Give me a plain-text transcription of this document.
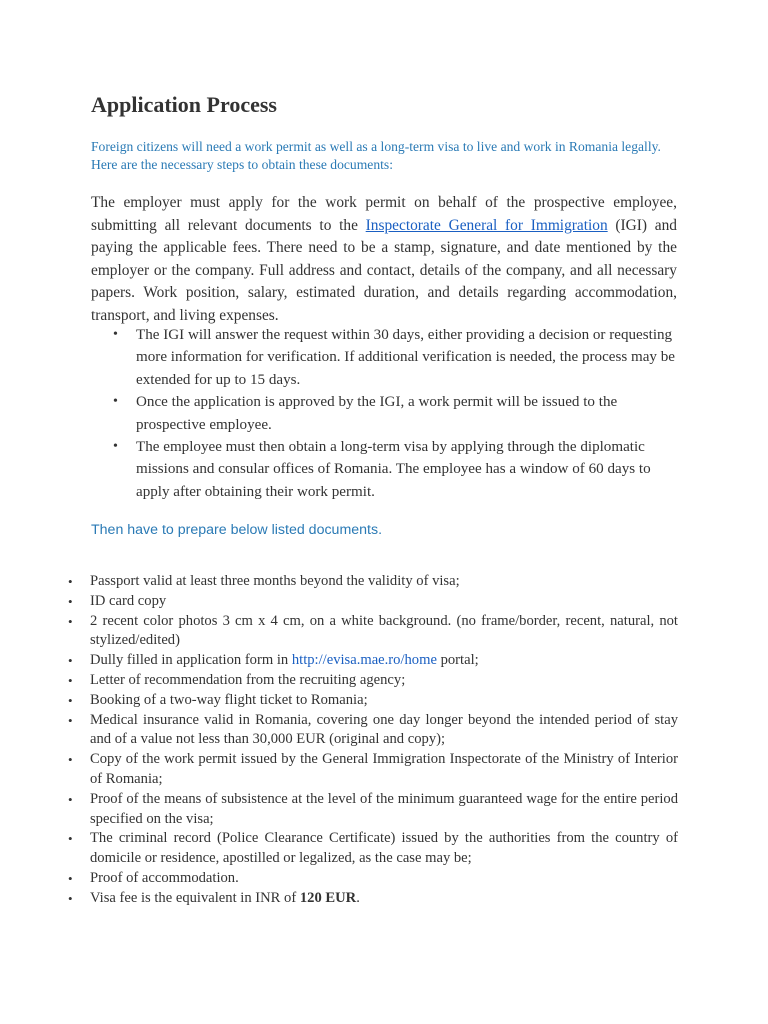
Application Process

Foreign citizens will need a work permit as well as a long-term visa to live and work in Romania legally. Here are the necessary steps to obtain these documents:

The employer must apply for the work permit on behalf of the prospective employee, submitting all relevant documents to the Inspectorate General for Immigration (IGI) and paying the applicable fees. There need to be a stamp, signature, and date mentioned by the employer or the company. Full address and contact, details of the company, and all necessary papers. Work position, salary, estimated duration, and details regarding accommodation, transport, and living expenses.

• The IGI will answer the request within 30 days, either providing a decision or requesting more information for verification. If additional verification is needed, the process may be extended for up to 15 days.
• Once the application is approved by the IGI, a work permit will be issued to the prospective employee.
• The employee must then obtain a long-term visa by applying through the diplomatic missions and consular offices of Romania. The employee has a window of 60 days to apply after obtaining their work permit.

Then have to prepare below listed documents.

• Passport valid at least three months beyond the validity of visa;
• ID card copy
• 2 recent color photos 3 cm x 4 cm, on a white background. (no frame/border, recent, natural, not stylized/edited)
• Dully filled in application form in http://evisa.mae.ro/home portal;
• Letter of recommendation from the recruiting agency;
• Booking of a two-way flight ticket to Romania;
• Medical insurance valid in Romania, covering one day longer beyond the intended period of stay and of a value not less than 30,000 EUR (original and copy);
• Copy of the work permit issued by the General Immigration Inspectorate of the Ministry of Interior of Romania;
• Proof of the means of subsistence at the level of the minimum guaranteed wage for the entire period specified on the visa;
• The criminal record (Police Clearance Certificate) issued by the authorities from the country of domicile or residence, apostilled or legalized, as the case may be;
• Proof of accommodation.
• Visa fee is the equivalent in INR of 120 EUR.
